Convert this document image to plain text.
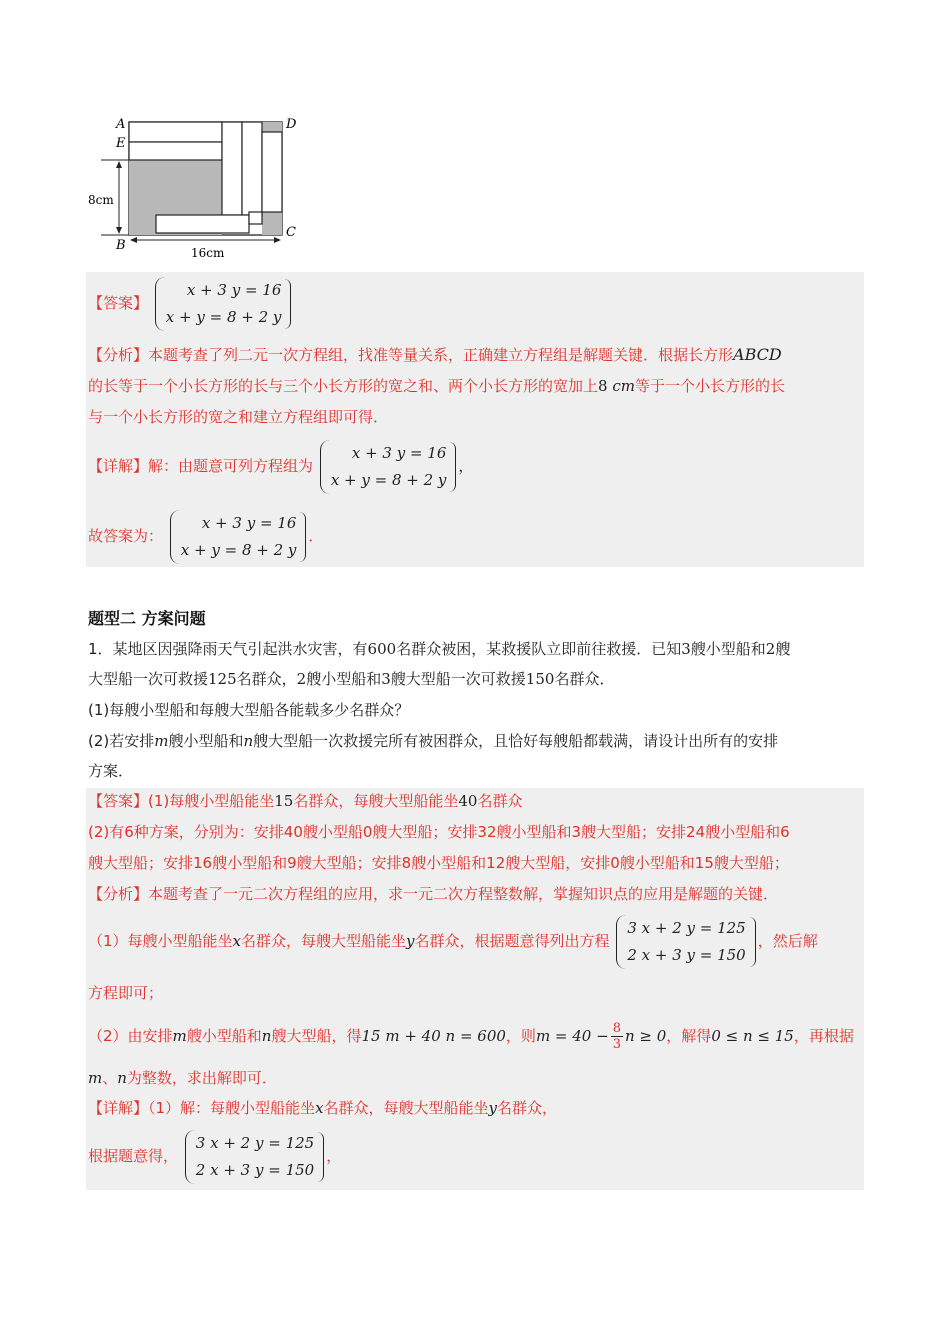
A
E
D
B
C
8cm
16cm
【答案】
x + 3 y = 16
x + y = 8 + 2 y
【分析】本题考查了列二元一次方程组，找准等量关系，正确建立方程组是解题关键．根据长方形ABCD
的长等于一个小长方形的长与三个小长方形的宽之和、两个小长方形的宽加上8 cm等于一个小长方形的长
与一个小长方形的宽之和建立方程组即可得．
【详解】解：由题意可列方程组为
x + 3 y = 16
x + y = 8 + 2 y
，
故答案为：
x + 3 y = 16
x + y = 8 + 2 y
．
题型二 方案问题
1．某地区因强降雨天气引起洪水灾害，有600名群众被困，某救援队立即前往救援．已知3艘小型船和2艘
大型船一次可救援125名群众，2艘小型船和3艘大型船一次可救援150名群众．
(1)每艘小型船和每艘大型船各能载多少名群众？
(2)若安排m艘小型船和n艘大型船一次救援完所有被困群众，且恰好每艘船都载满，请设计出所有的安排
方案．
【答案】(1)每艘小型船能坐15名群众，每艘大型船能坐40名群众
(2)有6种方案，分别为：安排40艘小型船0艘大型船；安排32艘小型船和3艘大型船；安排24艘小型船和6
艘大型船；安排16艘小型船和9艘大型船；安排8艘小型船和12艘大型船，安排0艘小型船和15艘大型船；
【分析】本题考查了一元二次方程组的应用，求一元二次方程整数解，掌握知识点的应用是解题的关键．
（1）每艘小型船能坐x名群众，每艘大型船能坐y名群众，根据题意得列出方程
3 x + 2 y = 125
2 x + 3 y = 150
，然后解
方程即可；
（2）由安排m艘小型船和n艘大型船，得15 m + 40 n = 600，则$m = 40 - \frac{8}{3}$ n ≥ 0，解得0 ≤ n ≤ 15，再根据
m、n为整数，求出解即可．
【详解】（1）解：每艘小型船能坐x名群众，每艘大型船能坐y名群众，
根据题意得，
3 x + 2 y = 125
2 x + 3 y = 150
，
